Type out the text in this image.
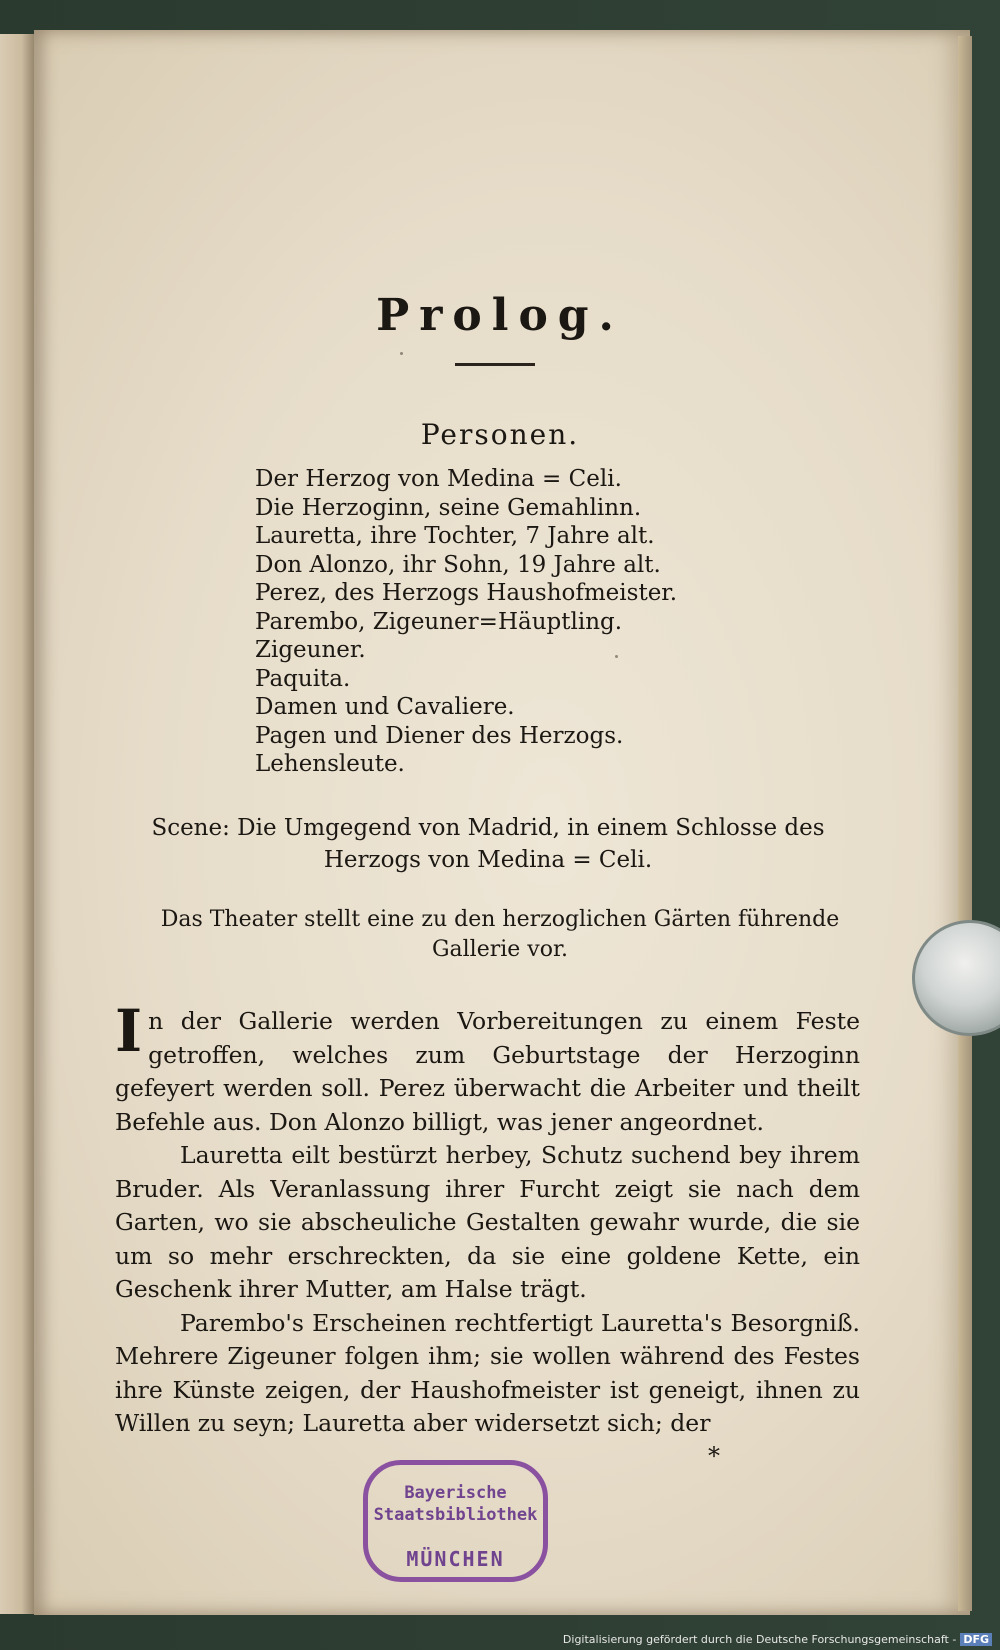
Prolog.
Personen.
Der Herzog von Medina = Celi.
Die Herzoginn, seine Gemahlinn.
Lauretta, ihre Tochter, 7 Jahre alt.
Don Alonzo, ihr Sohn, 19 Jahre alt.
Perez, des Herzogs Haushofmeister.
Parembo, Zigeuner=Häuptling.
Zigeuner.
Paquita.
Damen und Cavaliere.
Pagen und Diener des Herzogs.
Lehensleute.
Scene: Die Umgegend von Madrid, in einem Schlosse des Herzogs von Medina = Celi.
Das Theater stellt eine zu den herzoglichen Gärten führende Gallerie vor.

In der Gallerie werden Vorbereitungen zu einem Feste getroffen, welches zum Geburtstage der Herzoginn gefeyert werden soll. Perez überwacht die Arbeiter und theilt Befehle aus. Don Alonzo billigt, was jener angeordnet.

Lauretta eilt bestürzt herbey, Schutz suchend bey ihrem Bruder. Als Veranlassung ihrer Furcht zeigt sie nach dem Garten, wo sie abscheuliche Gestalten gewahr wurde, die sie um so mehr erschreckten, da sie eine goldene Kette, ein Geschenk ihrer Mutter, am Halse trägt.

Parembo's Erscheinen rechtfertigt Lauretta's Besorgniß. Mehrere Zigeuner folgen ihm; sie wollen während des Festes ihre Künste zeigen, der Haushofmeister ist geneigt, ihnen zu Willen zu seyn; Lauretta aber widersetzt sich; der

*
Bayerische
Staatsbibliothek
MÜNCHEN
Digitalisierung gefördert durch die Deutsche Forschungsgemeinschaft - DFG
